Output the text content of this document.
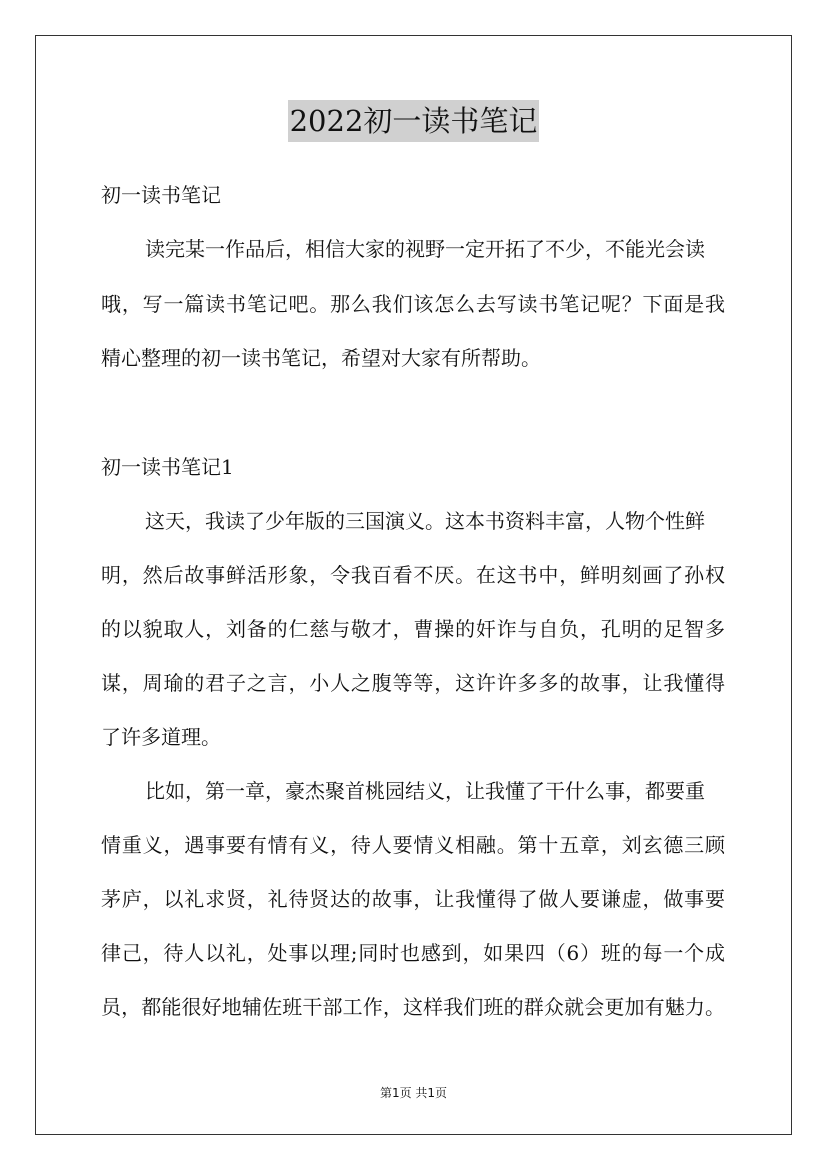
2022初一读书笔记
初一读书笔记
读完某一作品后，相信大家的视野一定开拓了不少，不能光会读
哦，写一篇读书笔记吧。那么我们该怎么去写读书笔记呢？下面是我
精心整理的初一读书笔记，希望对大家有所帮助。
初一读书笔记1
这天，我读了少年版的三国演义。这本书资料丰富，人物个性鲜
明，然后故事鲜活形象，令我百看不厌。在这书中，鲜明刻画了孙权
的以貌取人，刘备的仁慈与敬才，曹操的奸诈与自负，孔明的足智多
谋，周瑜的君子之言，小人之腹等等，这许许多多的故事，让我懂得
了许多道理。
比如，第一章，豪杰聚首桃园结义，让我懂了干什么事，都要重
情重义，遇事要有情有义，待人要情义相融。第十五章，刘玄德三顾
茅庐，以礼求贤，礼待贤达的故事，让我懂得了做人要谦虚，做事要
律己，待人以礼，处事以理;同时也感到，如果四（6）班的每一个成
员，都能很好地辅佐班干部工作，这样我们班的群众就会更加有魅力。
第1页 共1页
